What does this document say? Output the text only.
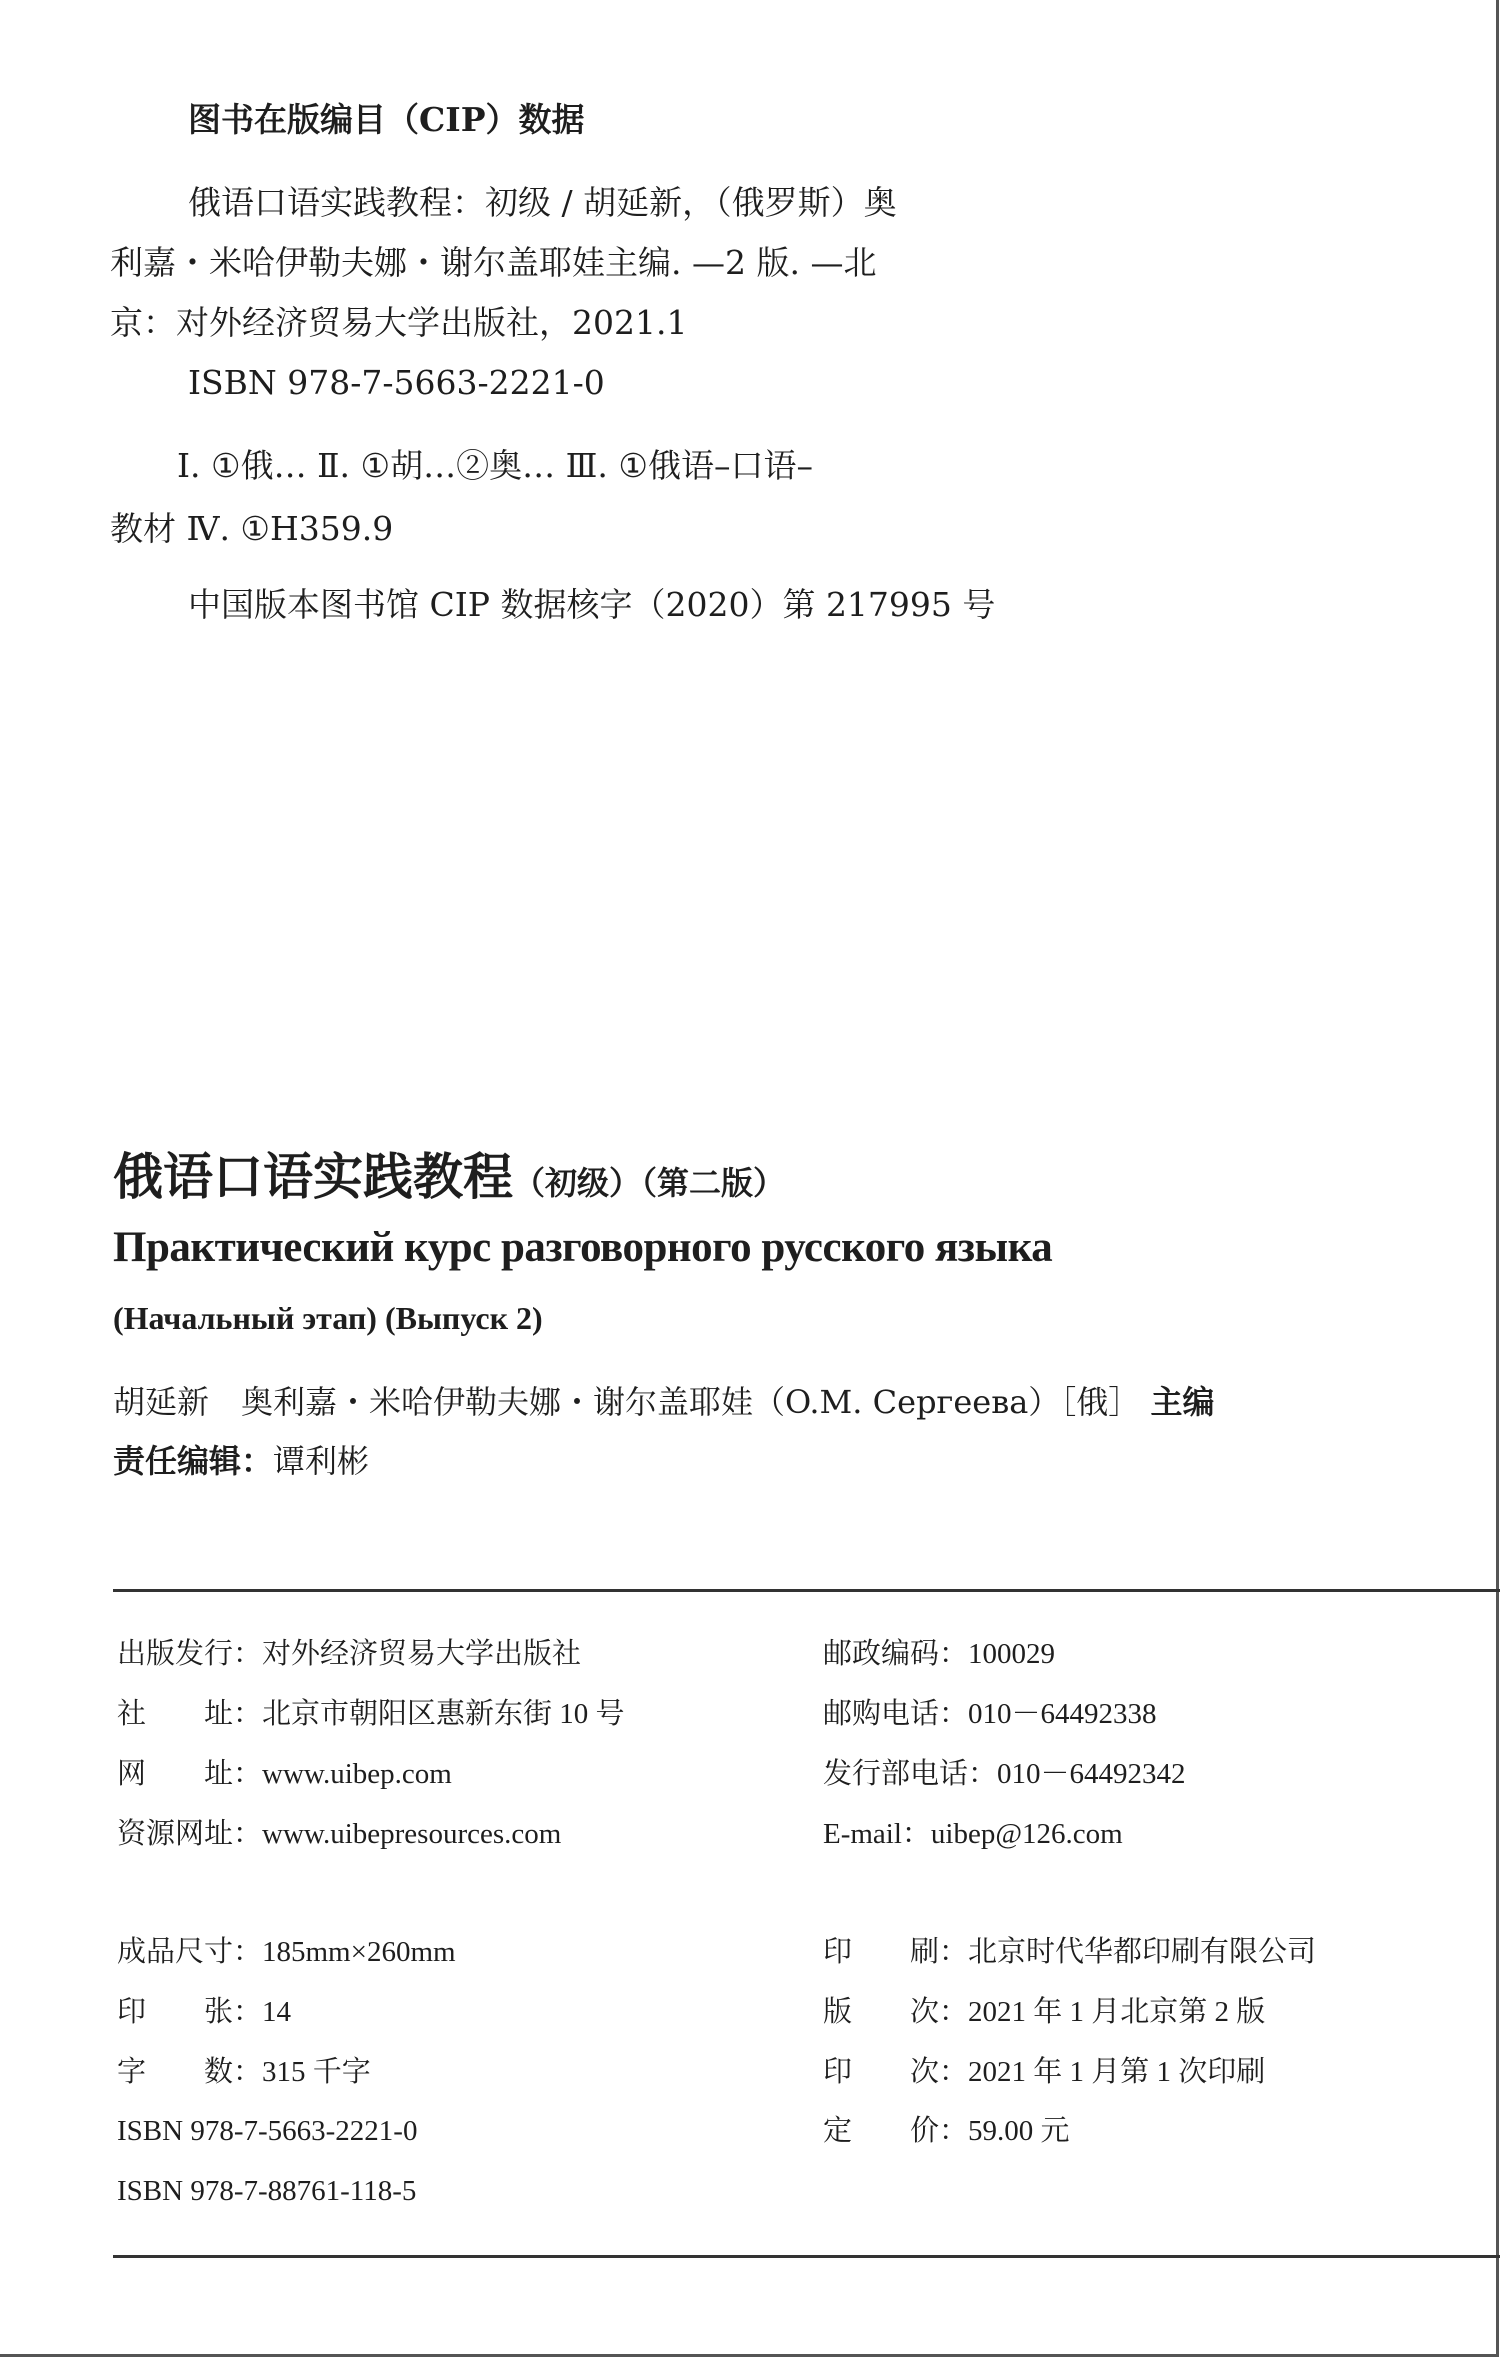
图书在版编目（CIP）数据
俄语口语实践教程：初级 / 胡延新，（俄罗斯）奥
利嘉・米哈伊勒夫娜・谢尔盖耶娃主编. —2 版. —北
京：对外经济贸易大学出版社，2021.1
ISBN 978-7-5663-2221-0
Ⅰ. ①俄… Ⅱ. ①胡…②奥… Ⅲ. ①俄语–口语–
教材 Ⅳ. ①H359.9
中国版本图书馆 CIP 数据核字（2020）第 217995 号
俄语口语实践教程（初级）（第二版）
Практический курс разговорного русского языка
(Начальный этап) (Выпуск 2)
胡延新　奥利嘉・米哈伊勒夫娜・谢尔盖耶娃（O.M. Сергеева）［俄］ 主编
责任编辑：谭利彬
出版发行：对外经济贸易大学出版社
社　　址：北京市朝阳区惠新东街 10 号
网　　址：www.uibep.com
资源网址：www.uibepresources.com
邮政编码：100029
邮购电话：010－64492338
发行部电话：010－64492342
E-mail：uibep@126.com
成品尺寸：185mm×260mm
印　　张：14
字　　数：315 千字
ISBN 978-7-5663-2221-0
ISBN 978-7-88761-118-5
印　　刷：北京时代华都印刷有限公司
版　　次：2021 年 1 月北京第 2 版
印　　次：2021 年 1 月第 1 次印刷
定　　价：59.00 元
